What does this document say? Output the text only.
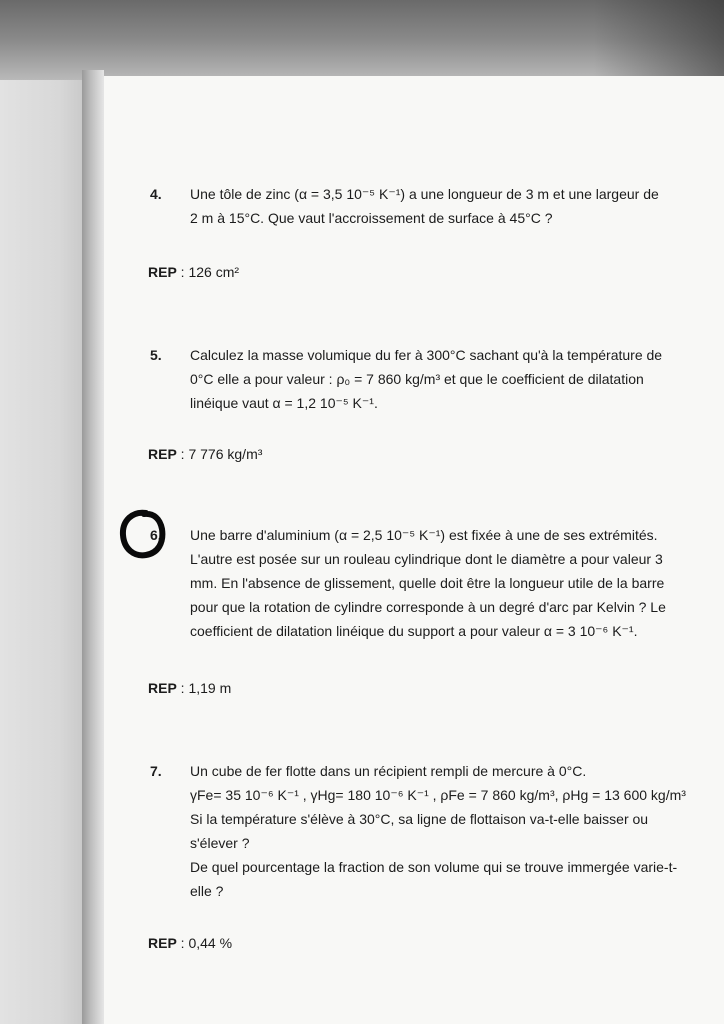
4. Une tôle de zinc (α = 3,5 10⁻⁵ K⁻¹) a une longueur de 3 m et une largeur de
2 m à 15°C. Que vaut l'accroissement de surface à 45°C ?
REP : 126 cm²
5. Calculez la masse volumique du fer à 300°C sachant qu'à la température de
0°C elle a pour valeur : ρ₀ = 7 860 kg/m³ et que le coefficient de dilatation
linéique vaut α = 1,2 10⁻⁵ K⁻¹.
REP : 7 776 kg/m³
6. Une barre d'aluminium (α = 2,5 10⁻⁵ K⁻¹) est fixée à une de ses extrémités.
L'autre est posée sur un rouleau cylindrique dont le diamètre a pour valeur 3
mm. En l'absence de glissement, quelle doit être la longueur utile de la barre
pour que la rotation de cylindre corresponde à un degré d'arc par Kelvin ? Le
coefficient de dilatation linéique du support a pour valeur α = 3 10⁻⁶ K⁻¹.
REP : 1,19 m
7. Un cube de fer flotte dans un récipient rempli de mercure à 0°C.
γFe= 35 10⁻⁶ K⁻¹ , γHg= 180 10⁻⁶ K⁻¹ , ρFe = 7 860 kg/m³, ρHg = 13 600 kg/m³
Si la température s'élève à 30°C, sa ligne de flottaison va-t-elle baisser ou
s'élever ?
De quel pourcentage la fraction de son volume qui se trouve immergée varie-t-
elle ?
REP : 0,44 %
